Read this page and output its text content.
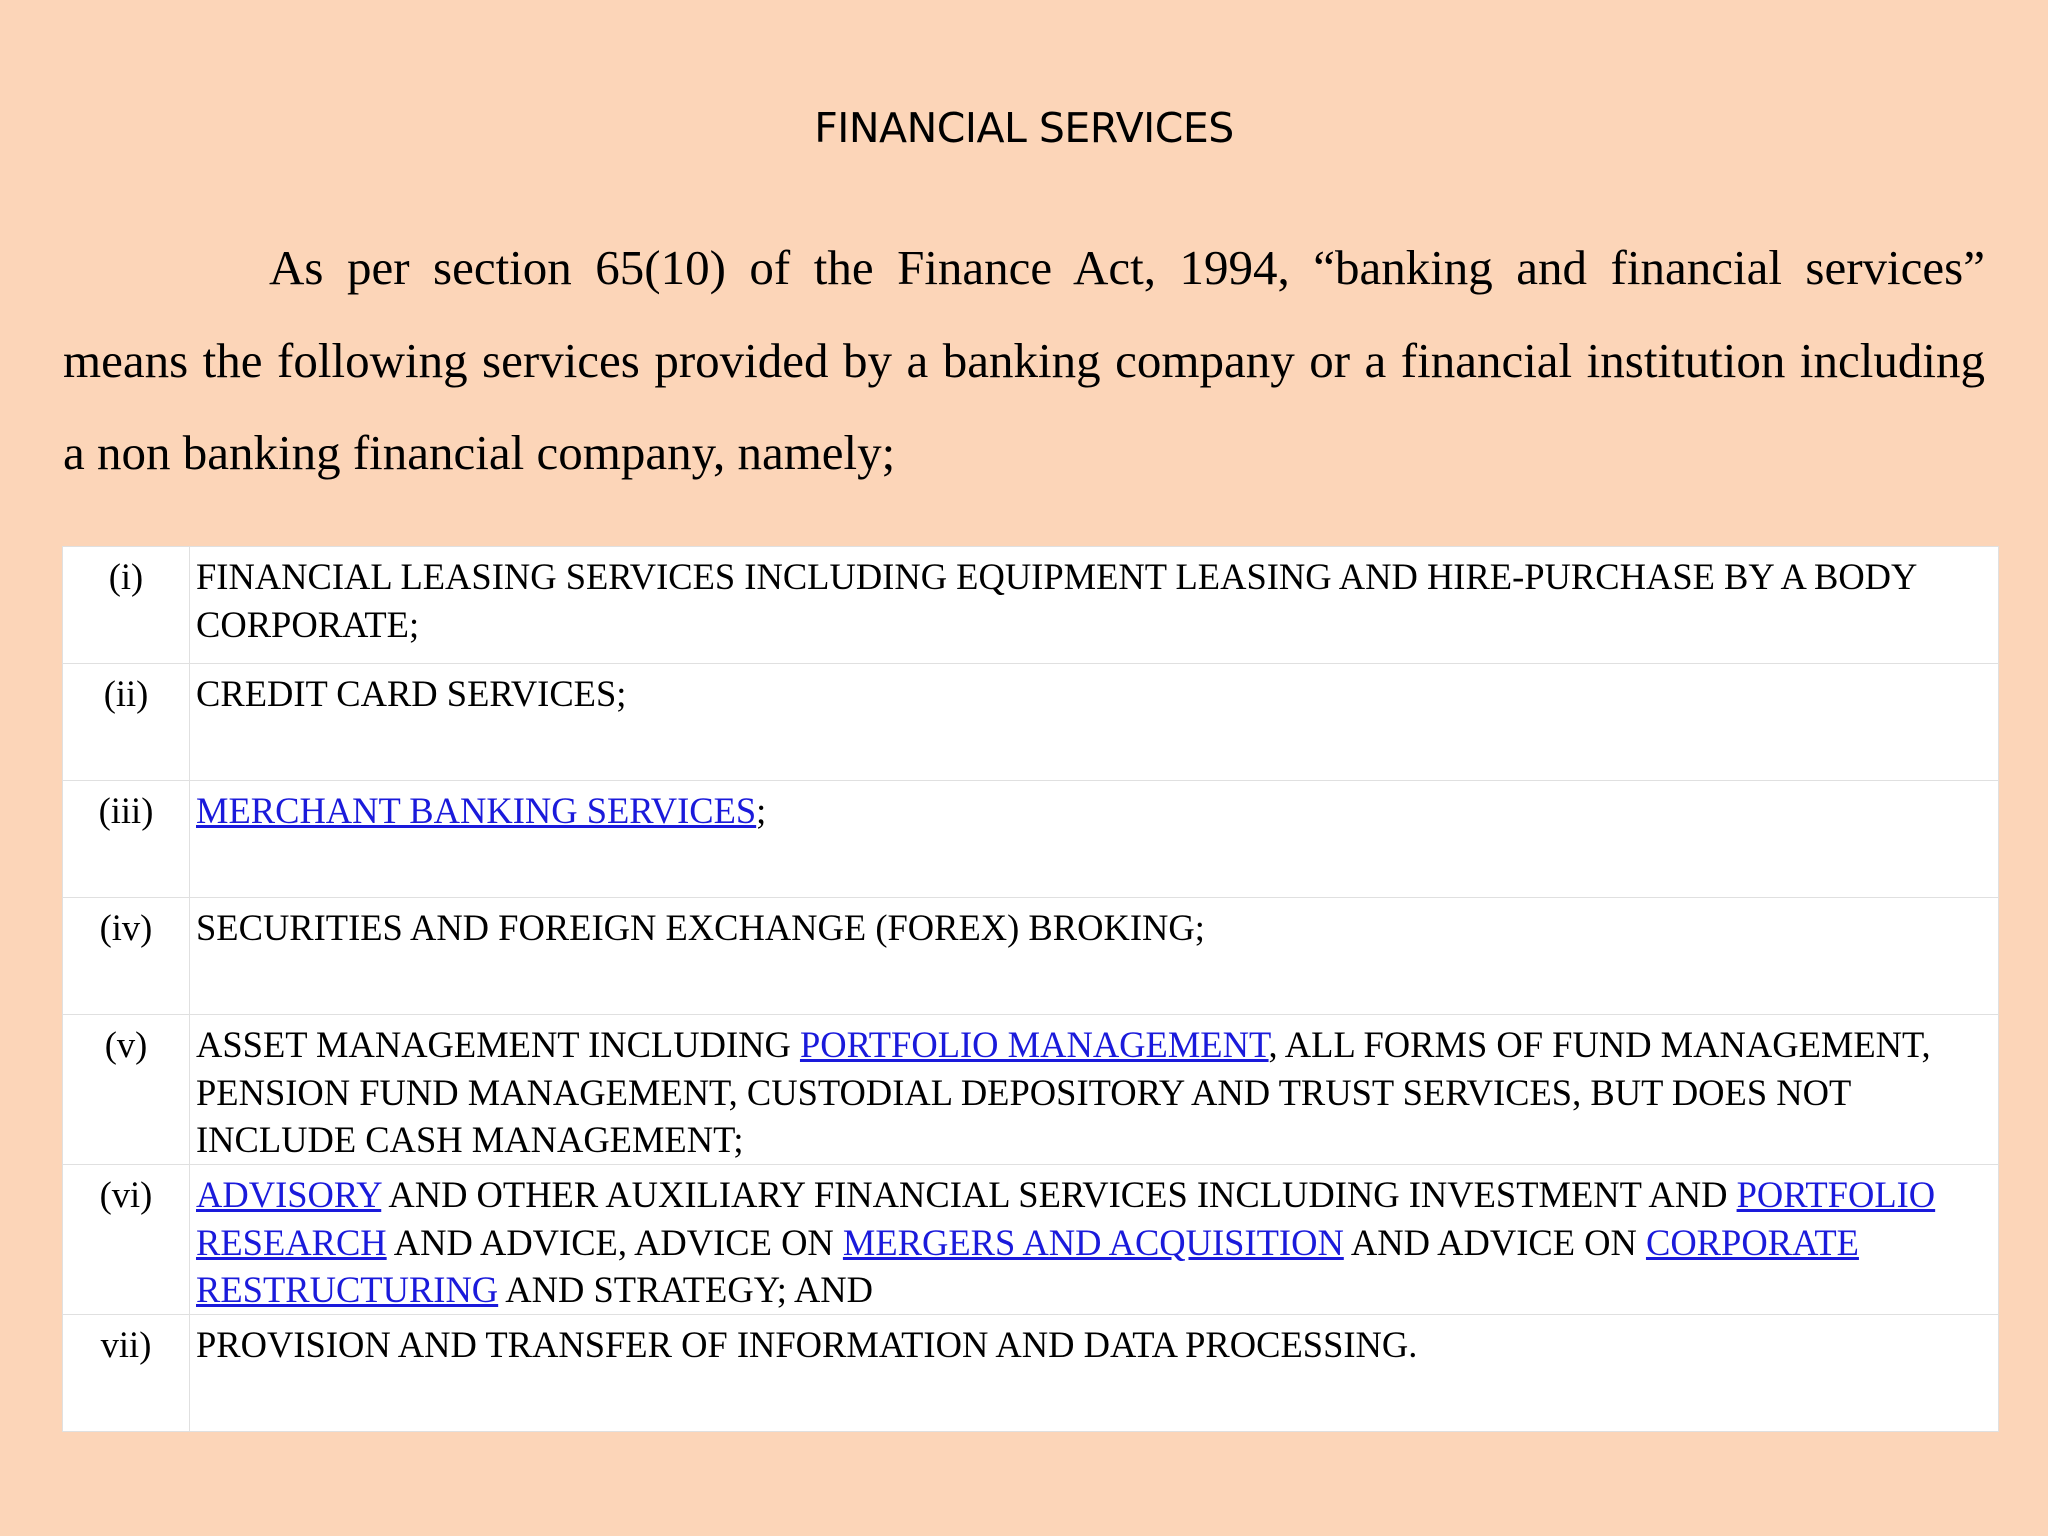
FINANCIAL SERVICES

As per section 65(10) of the Finance Act, 1994, “banking and financial services” means the following services provided by a banking company or a financial institution including a non banking financial company, namely;

(i)	FINANCIAL LEASING SERVICES INCLUDING EQUIPMENT LEASING AND HIRE-PURCHASE BY A BODY CORPORATE;
(ii)	CREDIT CARD SERVICES;
(iii)	MERCHANT BANKING SERVICES;
(iv)	SECURITIES AND FOREIGN EXCHANGE (FOREX) BROKING;
(v)	ASSET MANAGEMENT INCLUDING PORTFOLIO MANAGEMENT, ALL FORMS OF FUND MANAGEMENT, PENSION FUND MANAGEMENT, CUSTODIAL DEPOSITORY AND TRUST SERVICES, BUT DOES NOT INCLUDE CASH MANAGEMENT;
(vi)	ADVISORY AND OTHER AUXILIARY FINANCIAL SERVICES INCLUDING INVESTMENT AND PORTFOLIO RESEARCH AND ADVICE, ADVICE ON MERGERS AND ACQUISITION AND ADVICE ON CORPORATE RESTRUCTURING AND STRATEGY; AND
vii)	PROVISION AND TRANSFER OF INFORMATION AND DATA PROCESSING.
